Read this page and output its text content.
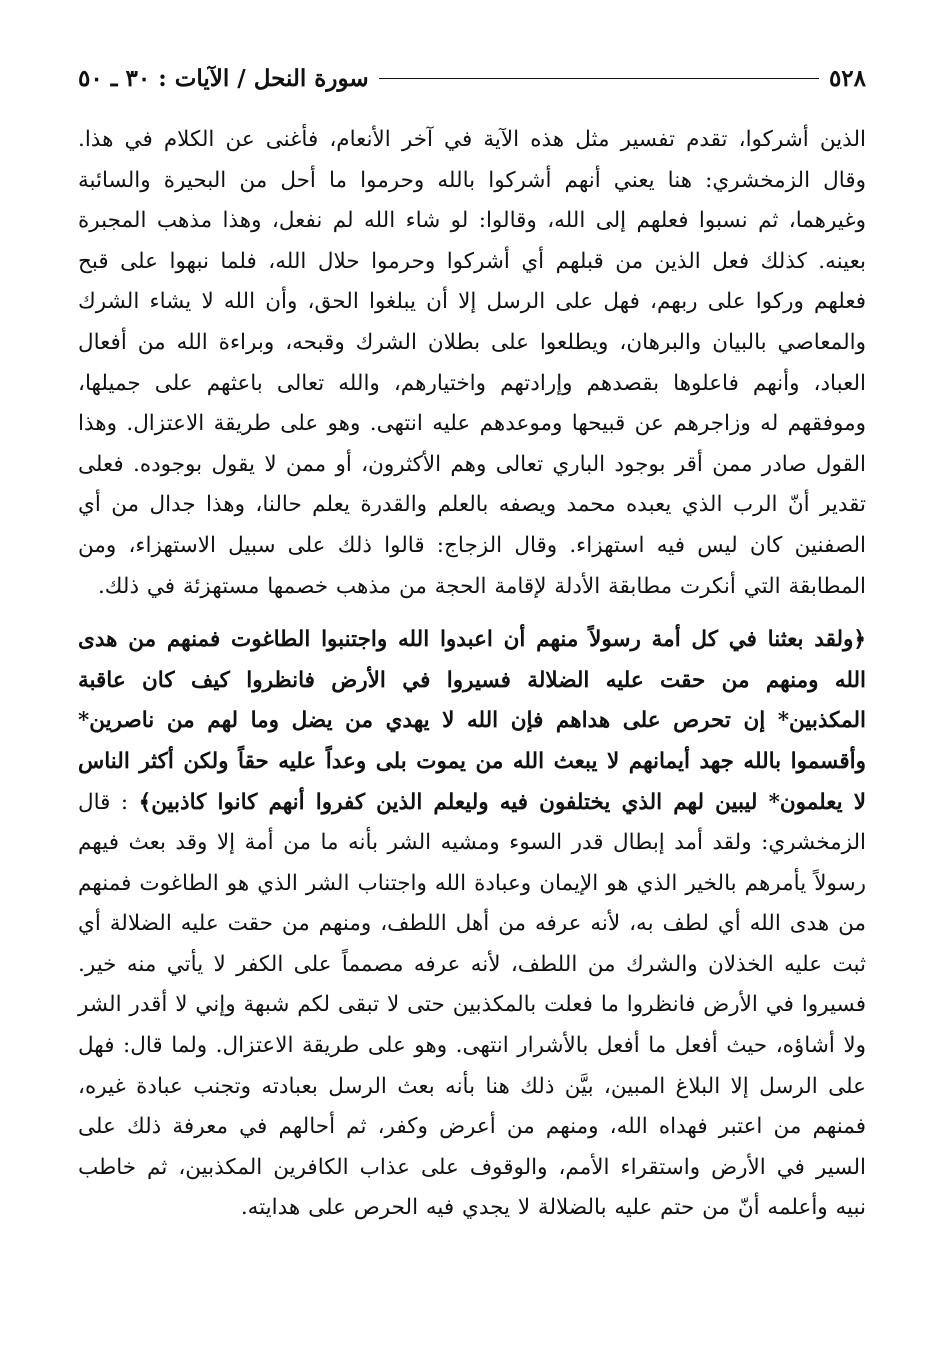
٥٢٨
سورة النحل / الآيات : ٣٠ ـ ٥٠

الذين أشركوا، تقدم تفسير مثل هذه الآية في آخر الأنعام، فأغنى عن الكلام في هذا. وقال الزمخشري: هنا يعني أنهم أشركوا بالله وحرموا ما أحل من البحيرة والسائبة وغيرهما، ثم نسبوا فعلهم إلى الله، وقالوا: لو شاء الله لم نفعل، وهذا مذهب المجبرة بعينه. كذلك فعل الذين من قبلهم أي أشركوا وحرموا حلال الله، فلما نبهوا على قبح فعلهم وركوا على ربهم، فهل على الرسل إلا أن يبلغوا الحق، وأن الله لا يشاء الشرك والمعاصي بالبيان والبرهان، ويطلعوا على بطلان الشرك وقبحه، وبراءة الله من أفعال العباد، وأنهم فاعلوها بقصدهم وإرادتهم واختيارهم، والله تعالى باعثهم على جميلها، وموفقهم له وزاجرهم عن قبيحها وموعدهم عليه انتهى. وهو على طريقة الاعتزال. وهذا القول صادر ممن أقر بوجود الباري تعالى وهم الأكثرون، أو ممن لا يقول بوجوده. فعلى تقدير أنّ الرب الذي يعبده محمد ويصفه بالعلم والقدرة يعلم حالنا، وهذا جدال من أي الصفنين كان ليس فيه استهزاء. وقال الزجاج: قالوا ذلك على سبيل الاستهزاء، ومن المطابقة التي أنكرت مطابقة الأدلة لإقامة الحجة من مذهب خصمها مستهزئة في ذلك.

﴿ولقد بعثنا في كل أمة رسولاً منهم أن اعبدوا الله واجتنبوا الطاغوت فمنهم من هدى الله ومنهم من حقت عليه الضلالة فسيروا في الأرض فانظروا كيف كان عاقبة المكذبين* إن تحرص على هداهم فإن الله لا يهدي من يضل وما لهم من ناصرين* وأقسموا بالله جهد أيمانهم لا يبعث الله من يموت بلى وعداً عليه حقاً ولكن أكثر الناس لا يعلمون* ليبين لهم الذي يختلفون فيه وليعلم الذين كفروا أنهم كانوا كاذبين﴾ : قال الزمخشري: ولقد أمد إبطال قدر السوء ومشيه الشر بأنه ما من أمة إلا وقد بعث فيهم رسولاً يأمرهم بالخير الذي هو الإيمان وعبادة الله واجتناب الشر الذي هو الطاغوت فمنهم من هدى الله أي لطف به، لأنه عرفه من أهل اللطف، ومنهم من حقت عليه الضلالة أي ثبت عليه الخذلان والشرك من اللطف، لأنه عرفه مصمماً على الكفر لا يأتي منه خير. فسيروا في الأرض فانظروا ما فعلت بالمكذبين حتى لا تبقى لكم شبهة وإني لا أقدر الشر ولا أشاؤه، حيث أفعل ما أفعل بالأشرار انتهى. وهو على طريقة الاعتزال. ولما قال: فهل على الرسل إلا البلاغ المبين، بيَّن ذلك هنا بأنه بعث الرسل بعبادته وتجنب عبادة غيره، فمنهم من اعتبر فهداه الله، ومنهم من أعرض وكفر، ثم أحالهم في معرفة ذلك على السير في الأرض واستقراء الأمم، والوقوف على عذاب الكافرين المكذبين، ثم خاطب نبيه وأعلمه أنّ من حتم عليه بالضلالة لا يجدي فيه الحرص على هدايته.
